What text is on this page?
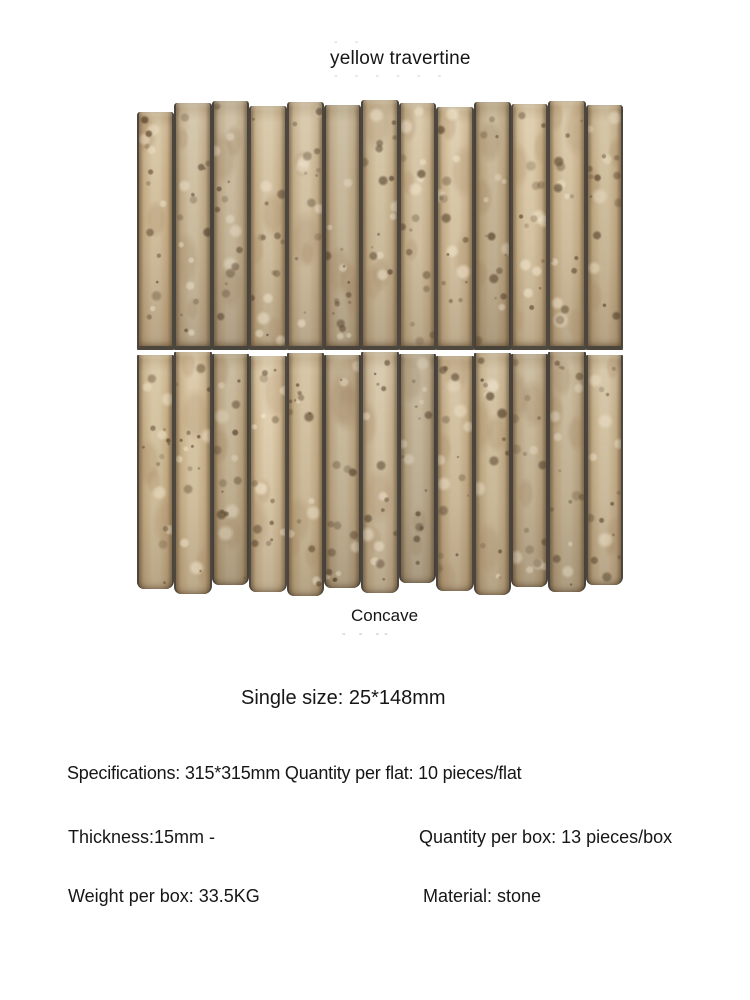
- -
yellow travertine
- - - - - -
Concave
- - --
Single size: 25*148mm
Specifications: 315*315mm Quantity per flat: 10 pieces/flat
Thickness:15mm -	Quantity per box: 13 pieces/box
Weight per box: 33.5KG	Material: stone
